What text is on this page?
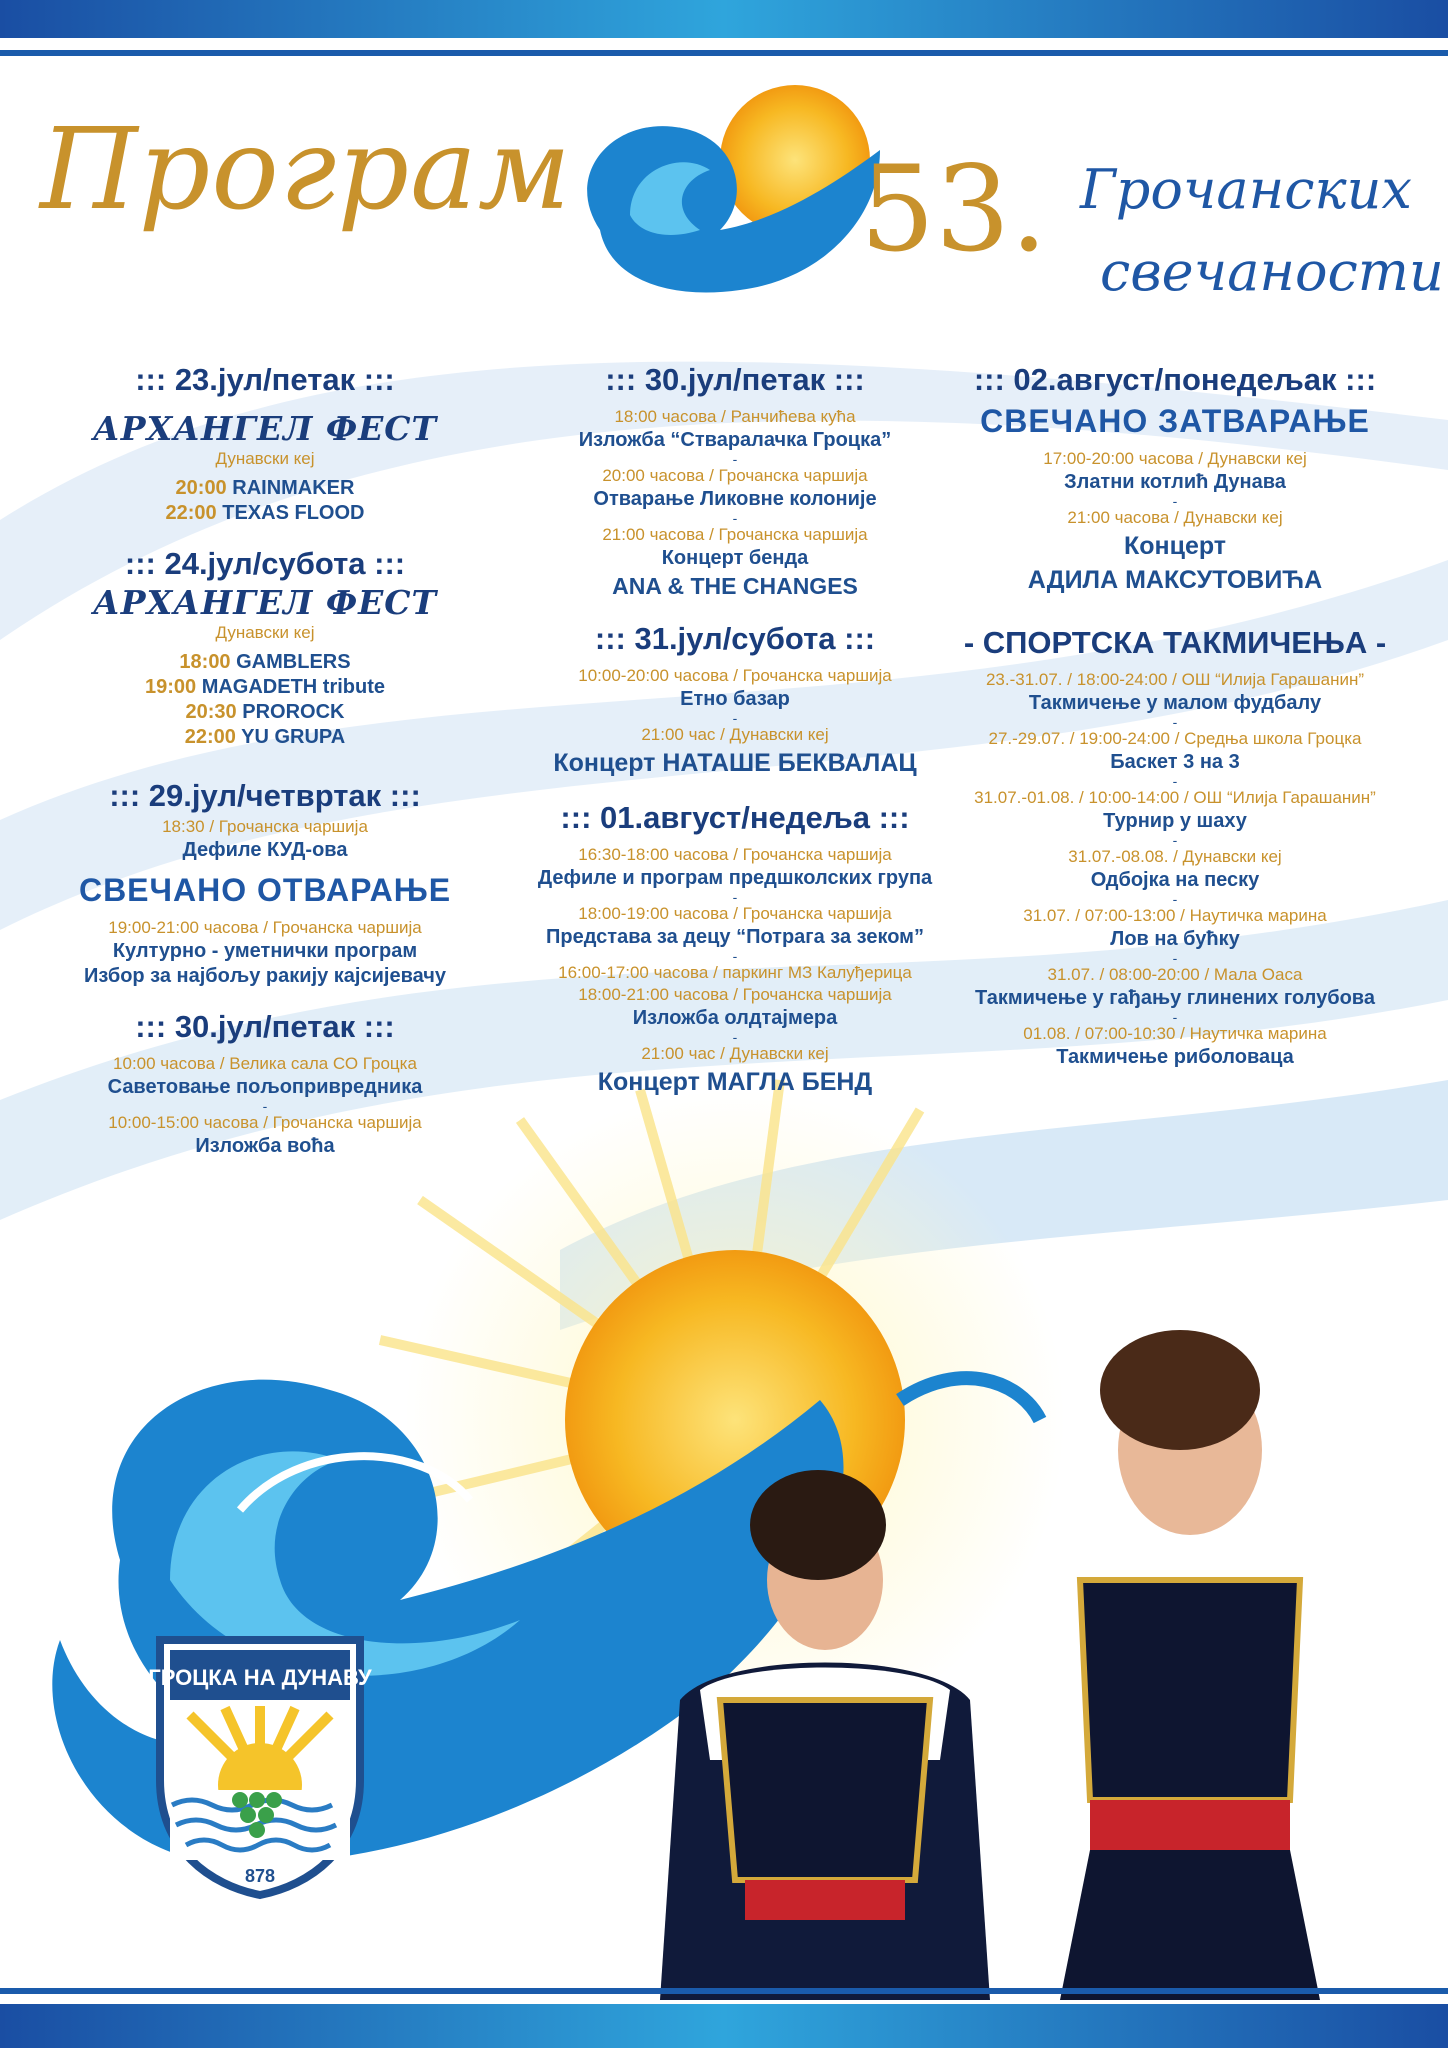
Програм 53. Грочанских
свечаности
::: 23.јул/петак :::
АРХАНГЕЛ ФЕСТ
Дунавски кеј
20:00 RAINMAKER
22:00 TEXAS FLOOD
::: 24.јул/субота :::
АРХАНГЕЛ ФЕСТ
Дунавски кеј
18:00 GAMBLERS
19:00 MAGADETH tribute
20:30 PROROCK
22:00 YU GRUPA
::: 29.јул/четвртак :::
18:30 / Грочанска чаршија
Дефиле КУД-ова
СВЕЧАНО ОТВАРАЊЕ
19:00-21:00 часова / Грочанска чаршија
Културно - уметнички програм
Избор за најбољу ракију кајсијевачу
::: 30.јул/петак :::
10:00 часова / Велика сала СО Гроцка
Саветовање пољопривредника
-
10:00-15:00 часова / Грочанска чаршија
Изложба воћа
::: 30.јул/петак :::
18:00 часова / Ранчићева кућа
Изложба “Стваралачка Гроцка”
-
20:00 часова / Грочанска чаршија
Отварање Ликовне колоније
-
21:00 часова / Грочанска чаршија
Концерт бенда
ANA & THE CHANGES
::: 31.јул/субота :::
10:00-20:00 часова / Грочанска чаршија
Етно базар
-
21:00 час / Дунавски кеј
Концерт НАТАШЕ БЕКВАЛАЦ
::: 01.август/недеља :::
16:30-18:00 часова / Грочанска чаршија
Дефиле и програм предшколских група
-
18:00-19:00 часова / Грочанска чаршија
Представа за децу “Потрага за зеком”
-
16:00-17:00 часова / паркинг МЗ Калуђерица
18:00-21:00 часова / Грочанска чаршија
Изложба олдтајмера
-
21:00 час / Дунавски кеј
Концерт МАГЛА БЕНД
::: 02.август/понедељак :::
СВЕЧАНО ЗАТВАРАЊЕ
17:00-20:00 часова / Дунавски кеј
Златни котлић Дунава
-
21:00 часова / Дунавски кеј
Концерт
АДИЛА МАКСУТОВИЋА
- СПОРТСКА ТАКМИЧЕЊА -
23.-31.07. / 18:00-24:00 / ОШ “Илија Гарашанин”
Такмичење у малом фудбалу
-
27.-29.07. / 19:00-24:00 / Средња школа Гроцка
Баскет 3 на 3
-
31.07.-01.08. / 10:00-14:00 / ОШ “Илија Гарашанин”
Турнир у шаху
-
31.07.-08.08. / Дунавски кеј
Одбојка на песку
-
31.07. / 07:00-13:00 / Наутичка марина
Лов на бућку
-
31.07. / 08:00-20:00 / Мала Оаса
Такмичење у гађању глинених голубова
-
01.08. / 07:00-10:30 / Наутичка марина
Такмичење риболоваца
ГРОЦКА НА ДУНАВУ
878
